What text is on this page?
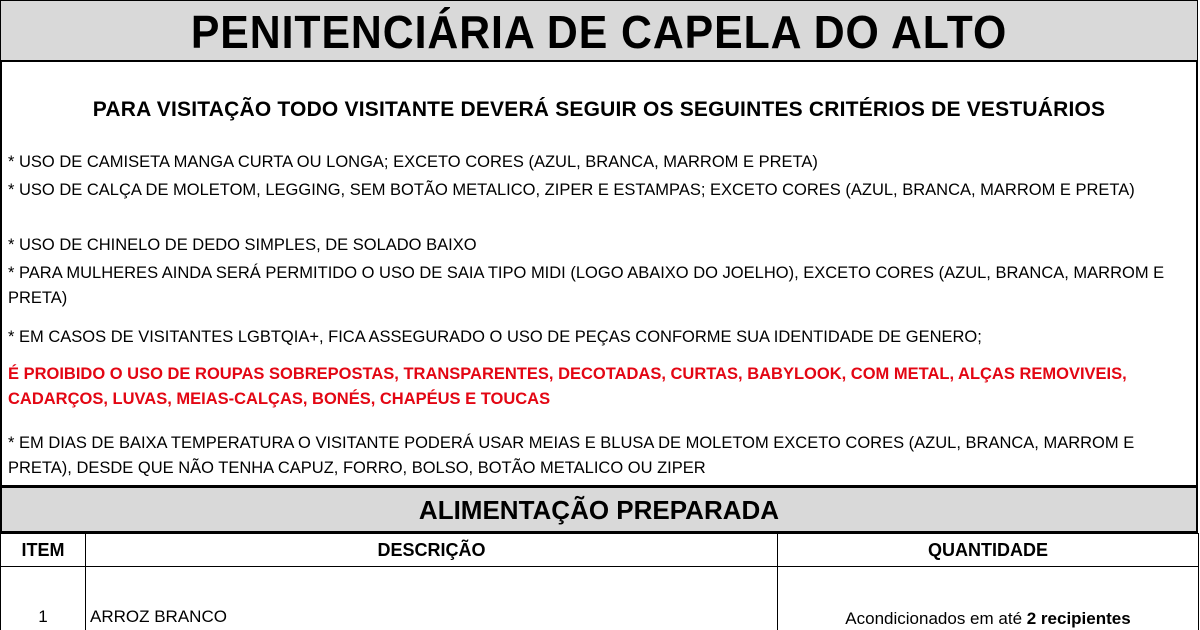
PENITENCIÁRIA DE CAPELA DO ALTO
PARA VISITAÇÃO TODO VISITANTE DEVERÁ SEGUIR OS SEGUINTES CRITÉRIOS DE VESTUÁRIOS
* USO DE CAMISETA MANGA CURTA OU LONGA; EXCETO CORES (AZUL, BRANCA, MARROM E PRETA)
* USO DE CALÇA DE MOLETOM, LEGGING, SEM BOTÃO METALICO, ZIPER E ESTAMPAS; EXCETO CORES (AZUL, BRANCA, MARROM E PRETA)
* USO DE CHINELO DE DEDO SIMPLES, DE SOLADO BAIXO
* PARA MULHERES AINDA SERÁ PERMITIDO O USO DE SAIA TIPO MIDI (LOGO ABAIXO DO JOELHO), EXCETO CORES (AZUL, BRANCA, MARROM E PRETA)
* EM CASOS DE VISITANTES LGBTQIA+, FICA ASSEGURADO O USO DE PEÇAS CONFORME SUA IDENTIDADE DE GENERO;
É PROIBIDO O USO DE ROUPAS SOBREPOSTAS, TRANSPARENTES, DECOTADAS, CURTAS, BABYLOOK, COM METAL, ALÇAS REMOVIVEIS, CADARÇOS, LUVAS, MEIAS-CALÇAS, BONÉS, CHAPÉUS E TOUCAS
* EM DIAS DE BAIXA TEMPERATURA O VISITANTE PODERÁ USAR MEIAS E BLUSA DE MOLETOM EXCETO CORES (AZUL, BRANCA, MARROM E PRETA), DESDE QUE NÃO TENHA CAPUZ, FORRO, BOLSO, BOTÃO METALICO OU ZIPER
ALIMENTAÇÃO PREPARADA
ITEM	DESCRIÇÃO	QUANTIDADE
1	ARROZ BRANCO	Acondicionados em até 2 recipientes
